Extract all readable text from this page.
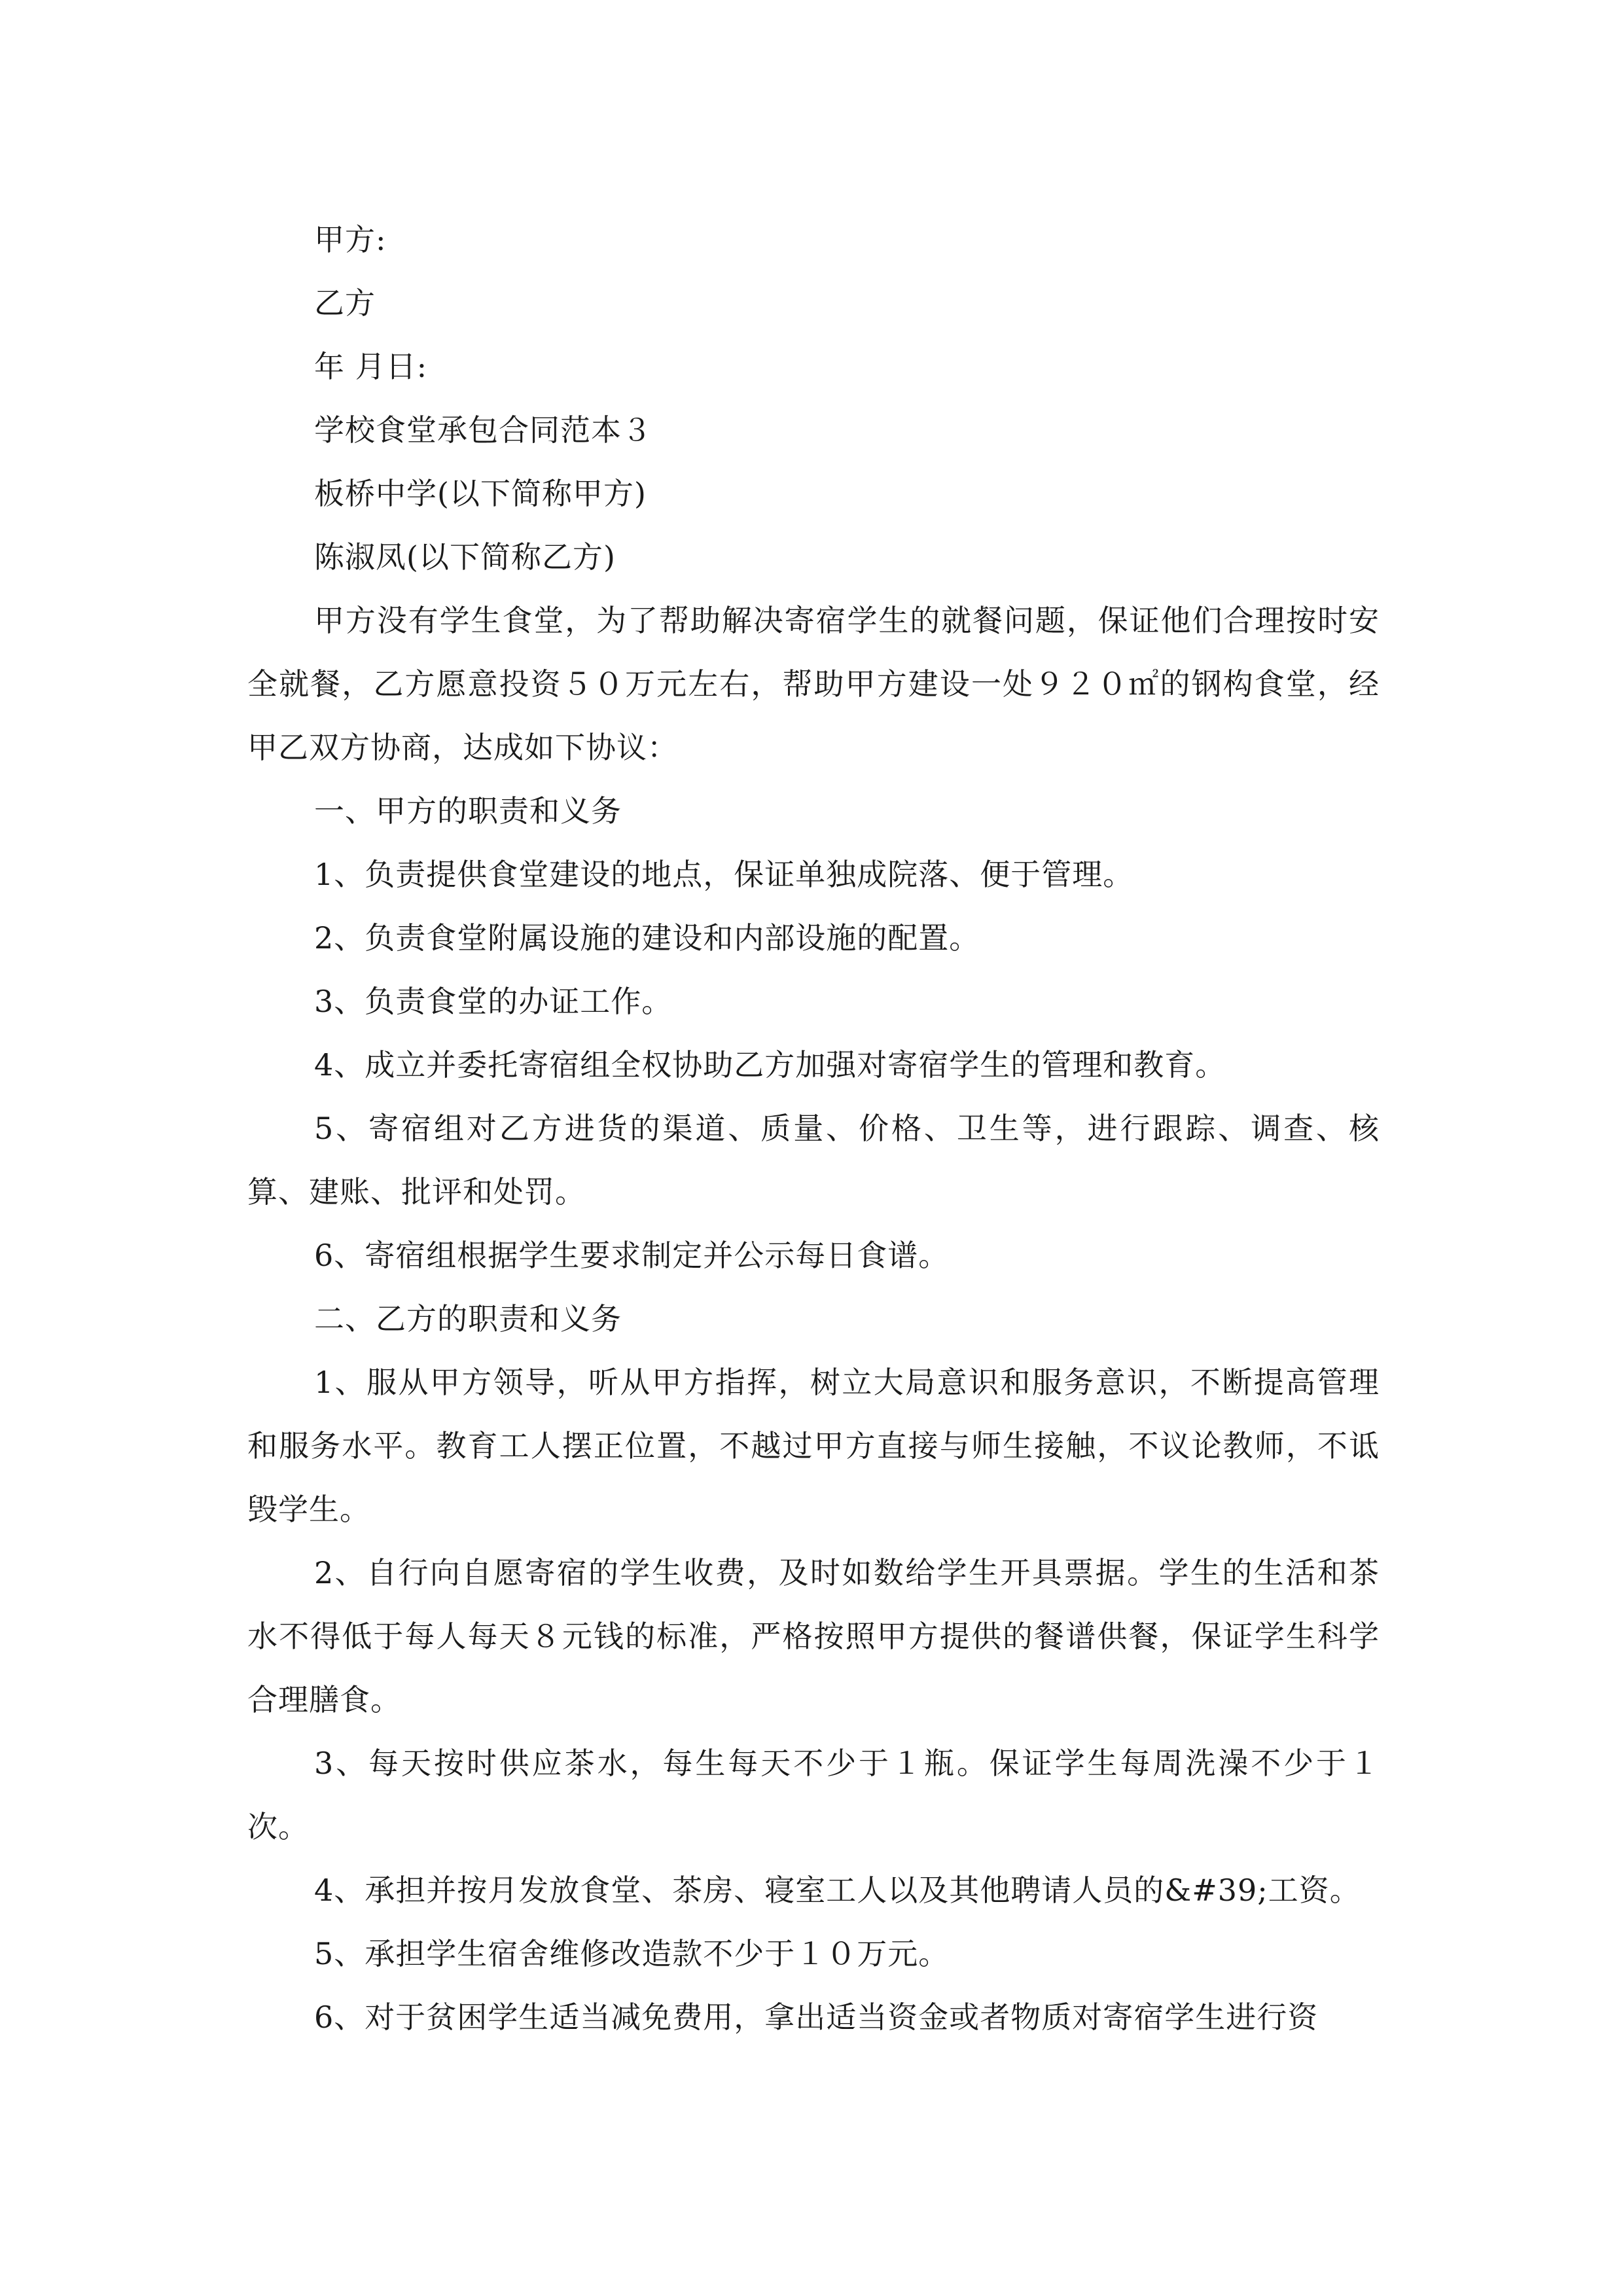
甲方:

乙方

年 月日:

学校食堂承包合同范本３

板桥中学(以下简称甲方)

陈淑凤(以下简称乙方)

甲方没有学生食堂，为了帮助解决寄宿学生的就餐问题，保证他们合理按时安全就餐，乙方愿意投资５０万元左右，帮助甲方建设一处９２０㎡的钢构食堂，经甲乙双方协商，达成如下协议：

一、甲方的职责和义务

1、负责提供食堂建设的地点，保证单独成院落、便于管理。

2、负责食堂附属设施的建设和内部设施的配置。

3、负责食堂的办证工作。

4、成立并委托寄宿组全权协助乙方加强对寄宿学生的管理和教育。

5、寄宿组对乙方进货的渠道、质量、价格、卫生等，进行跟踪、调查、核算、建账、批评和处罚。

6、寄宿组根据学生要求制定并公示每日食谱。

二、乙方的职责和义务

1、服从甲方领导，听从甲方指挥，树立大局意识和服务意识，不断提高管理和服务水平。教育工人摆正位置，不越过甲方直接与师生接触，不议论教师，不诋毁学生。

2、自行向自愿寄宿的学生收费，及时如数给学生开具票据。学生的生活和茶水不得低于每人每天８元钱的标准，严格按照甲方提供的餐谱供餐，保证学生科学合理膳食。

3、每天按时供应茶水，每生每天不少于１瓶。保证学生每周洗澡不少于１次。

4、承担并按月发放食堂、茶房、寝室工人以及其他聘请人员的&#39;工资。

5、承担学生宿舍维修改造款不少于１０万元。

6、对于贫困学生适当减免费用，拿出适当资金或者物质对寄宿学生进行资
